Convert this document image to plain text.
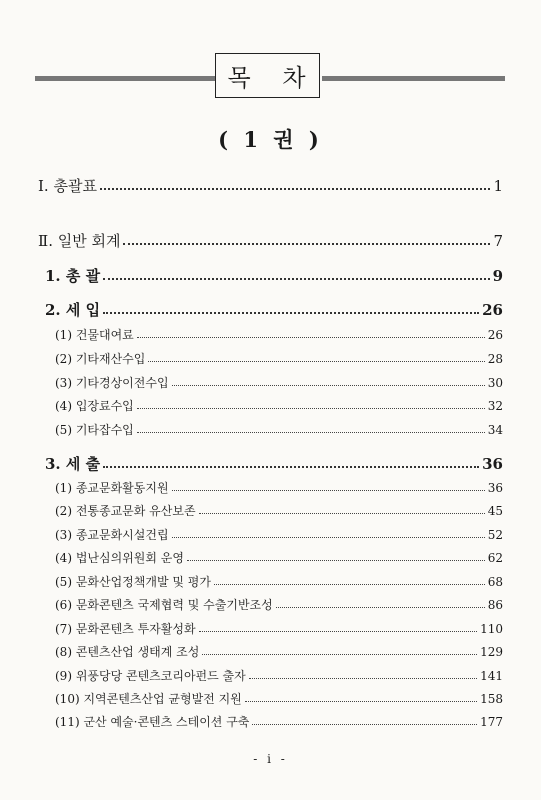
목 차
( 1 권 )
Ⅰ. 총괄표	1
Ⅱ. 일반 회계	7
1. 총 괄	9
2. 세 입	26
(1) 건물대여료	26
(2) 기타재산수입	28
(3) 기타경상이전수입	30
(4) 입장료수입	32
(5) 기타잡수입	34
3. 세 출	36
(1) 종교문화활동지원	36
(2) 전통종교문화 유산보존	45
(3) 종교문화시설건립	52
(4) 법난심의위원회 운영	62
(5) 문화산업정책개발 및 평가	68
(6) 문화콘텐츠 국제협력 및 수출기반조성	86
(7) 문화콘텐츠 투자활성화	110
(8) 콘텐츠산업 생태계 조성	129
(9) 위풍당당 콘텐츠코리아펀드 출자	141
(10) 지역콘텐츠산업 균형발전 지원	158
(11) 군산 예술·콘텐츠 스테이션 구축	177
- i -
